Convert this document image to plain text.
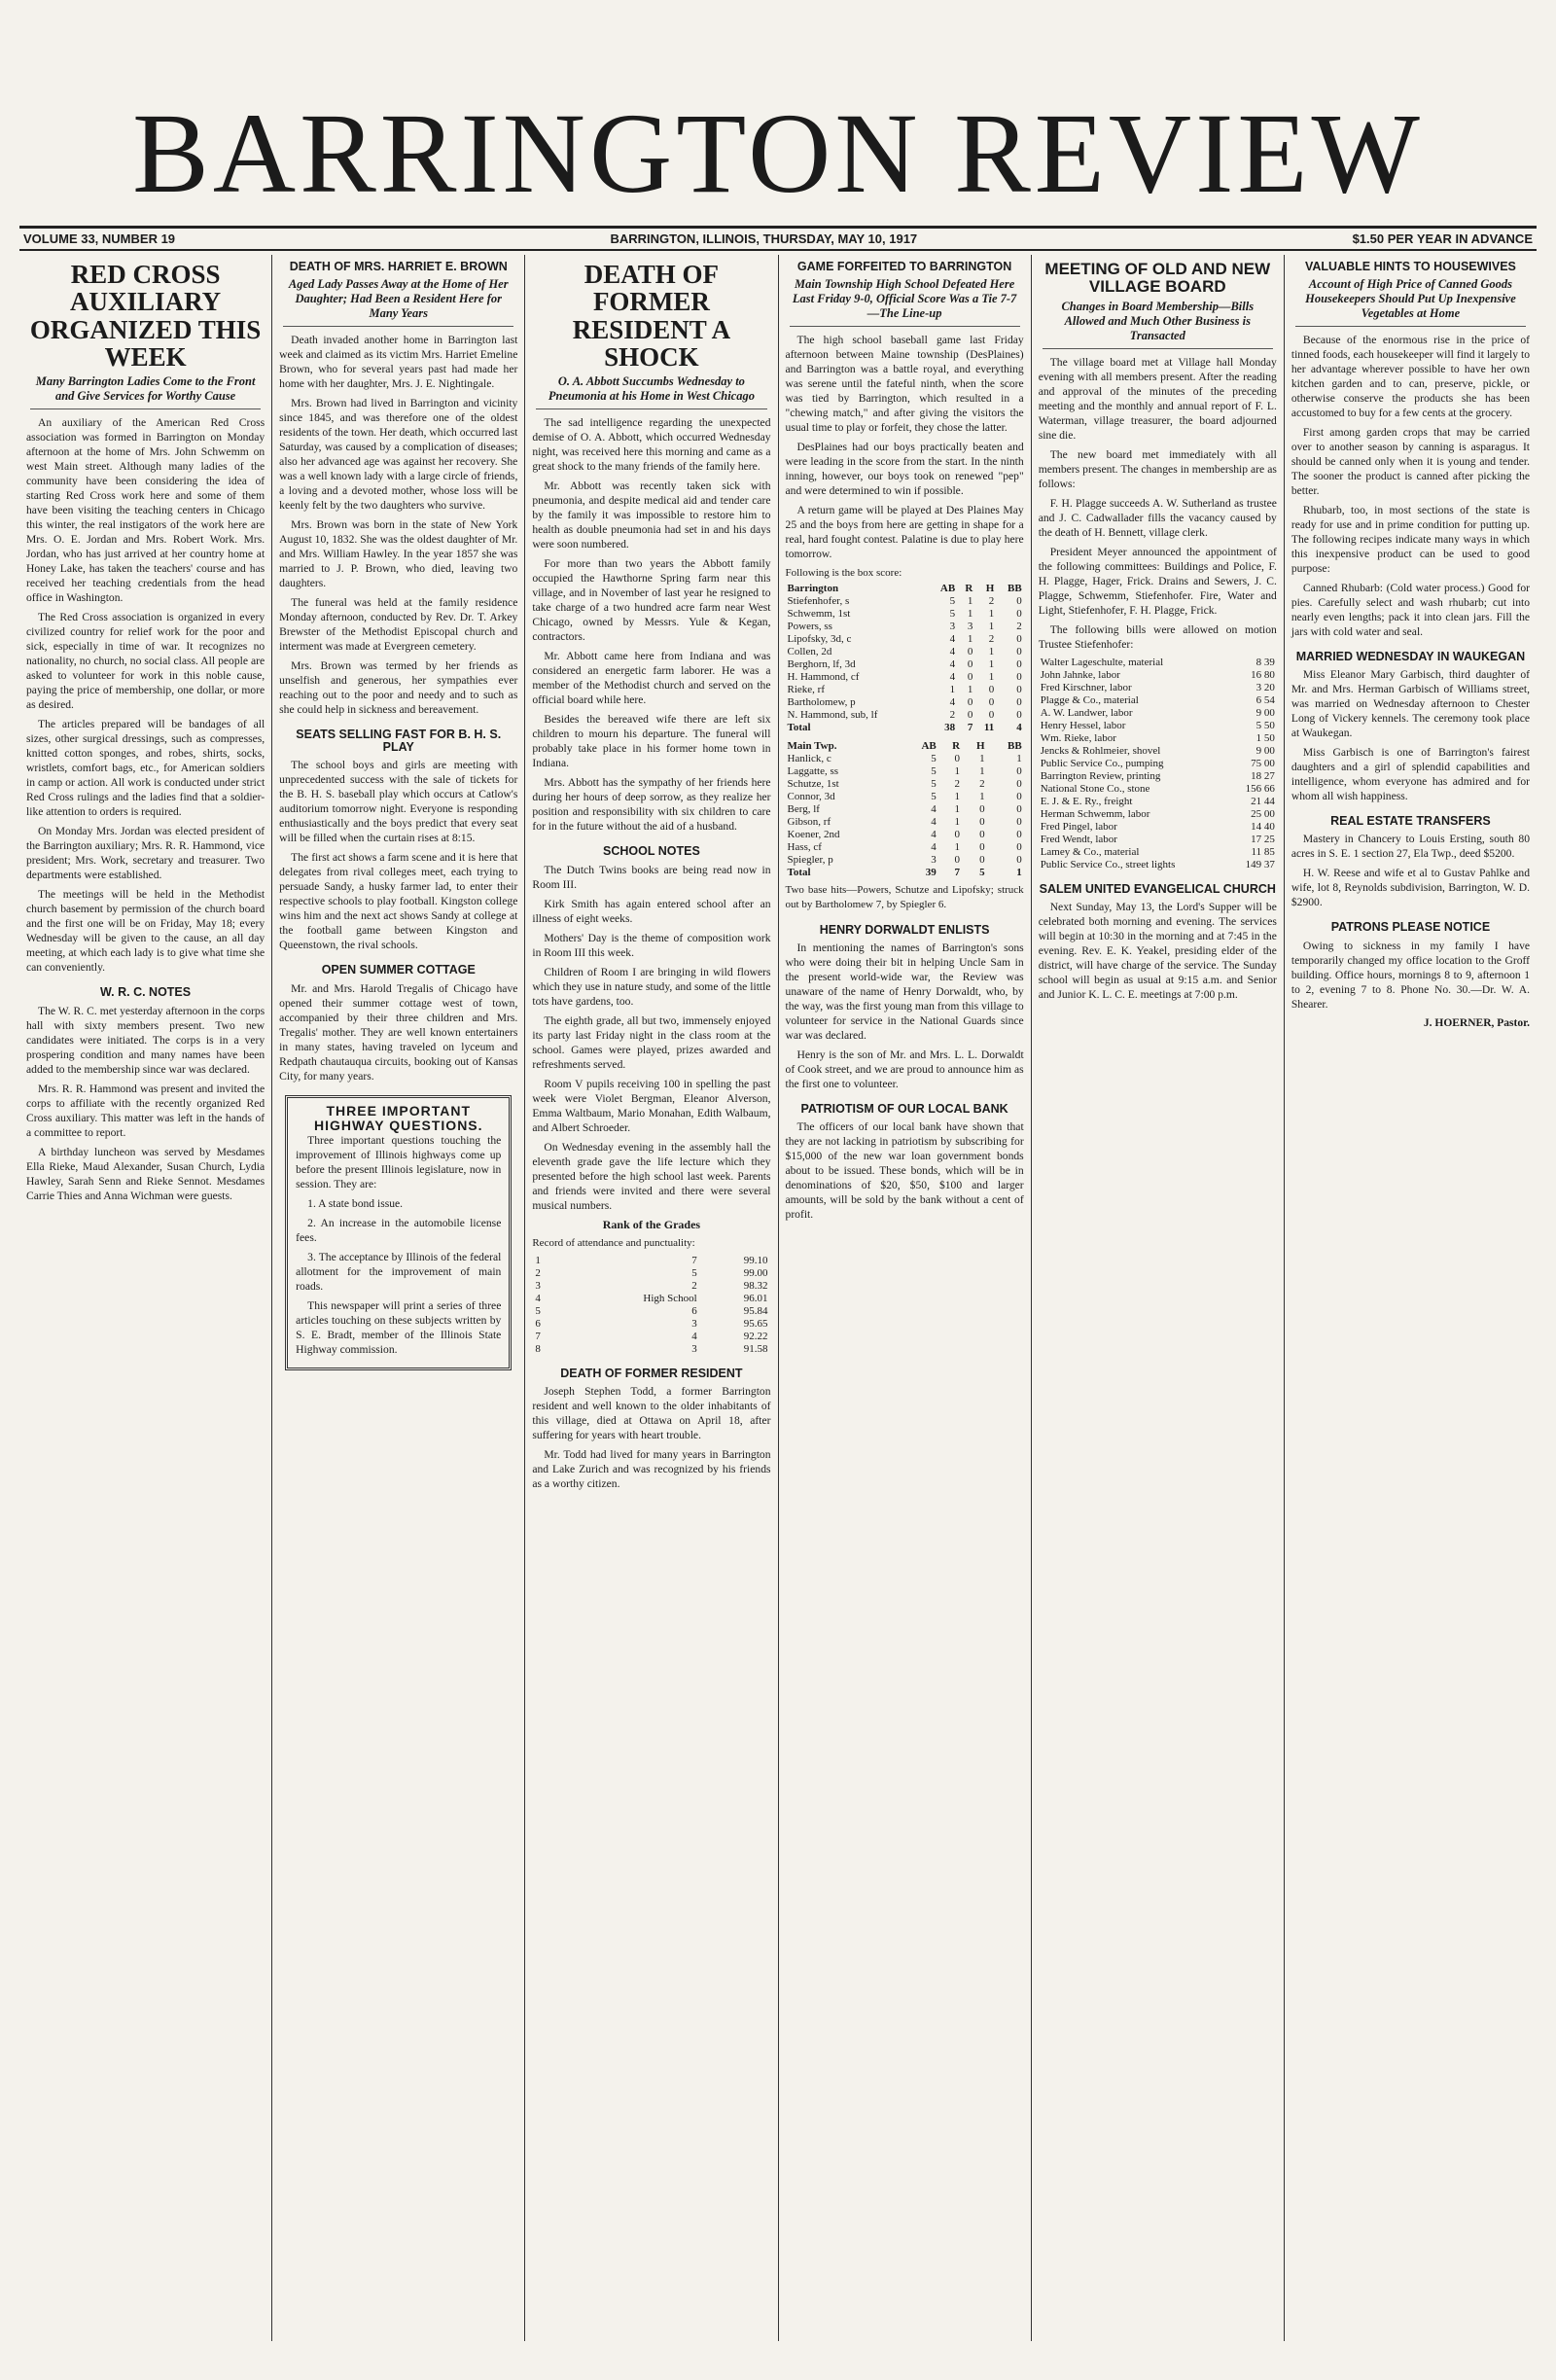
BARRINGTON REVIEW
VOLUME 33, NUMBER 19	BARRINGTON, ILLINOIS, THURSDAY, MAY 10, 1917	$1.50 PER YEAR IN ADVANCE
RED CROSS AUXILIARY ORGANIZED THIS WEEK
Many Barrington Ladies Come to the Front and Give Services for Worthy Cause

An auxiliary of the American Red Cross association was formed in Barrington on Monday afternoon at the home of Mrs. John Schwemm on west Main street. Although many ladies of the community have been considering the idea of starting Red Cross work here and some of them have been visiting the teaching centers in Chicago this winter, the real instigators of the work here are Mrs. O. E. Jordan and Mrs. Robert Work. Mrs. Jordan, who has just arrived at her country home at Honey Lake, has taken the teachers' course and has received her teaching credentials from the head office in Washington.

The Red Cross association is organized in every civilized country for relief work for the poor and sick, especially in time of war. It recognizes no nationality, no church, no social class. All people are asked to volunteer for work in this noble cause, paying the price of membership, one dollar, or more as desired.

The articles prepared will be bandages of all sizes, other surgical dressings, such as compresses, knitted cotton sponges, and robes, shirts, socks, wristlets, comfort bags, etc., for American soldiers in camp or action. All work is conducted under strict Red Cross rulings and the ladies find that a soldier-like attention to orders is required.

On Monday Mrs. Jordan was elected president of the Barrington auxiliary; Mrs. R. R. Hammond, vice president; Mrs. Work, secretary and treasurer. Two departments were established.

The meetings will be held in the Methodist church basement by permission of the church board and the first one will be on Friday, May 18; every Wednesday will be given to the cause, an all day meeting, at which each lady is to give what time she can conveniently.

W. R. C. NOTES

The W. R. C. met yesterday afternoon in the corps hall with sixty members present. Two new candidates were initiated. The corps is in a very prospering condition and many names have been added to the membership since war was declared.

Mrs. R. R. Hammond was present and invited the corps to affiliate with the recently organized Red Cross auxiliary. This matter was left in the hands of a committee to report.

A birthday luncheon was served by Mesdames Ella Rieke, Maud Alexander, Susan Church, Lydia Hawley, Sarah Senn and Rieke Sennot. Mesdames Carrie Thies and Anna Wichman were guests.

DEATH OF MRS. HARRIET E. BROWN
Aged Lady Passes Away at the Home of Her Daughter; Had Been a Resident Here for Many Years

Death invaded another home in Barrington last week and claimed as its victim Mrs. Harriet Emeline Brown, who for several years past had made her home with her daughter, Mrs. J. E. Nightingale.

Mrs. Brown had lived in Barrington and vicinity since 1845, and was therefore one of the oldest residents of the town. Her death, which occurred last Saturday, was caused by a complication of diseases; also her advanced age was against her recovery. She was a well known lady with a large circle of friends, a loving and a devoted mother, whose loss will be keenly felt by the two daughters who survive.

Mrs. Brown was born in the state of New York August 10, 1832. She was the oldest daughter of Mr. and Mrs. William Hawley. In the year 1857 she was married to J. P. Brown, who died, leaving two daughters.

The funeral was held at the family residence Monday afternoon, conducted by Rev. Dr. T. Arkey Brewster of the Methodist Episcopal church and interment was made at Evergreen cemetery.

Mrs. Brown was termed by her friends as unselfish and generous, her sympathies ever reaching out to the poor and needy and to such as she could help in sickness and bereavement.

SEATS SELLING FAST FOR B. H. S. PLAY

The school boys and girls are meeting with unprecedented success with the sale of tickets for the B. H. S. baseball play which occurs at Catlow's auditorium tomorrow night. Everyone is responding enthusiastically and the boys predict that every seat will be filled when the curtain rises at 8:15.

The first act shows a farm scene and it is here that delegates from rival colleges meet, each trying to persuade Sandy, a husky farmer lad, to enter their respective schools to play football. Kingston college wins him and the next act shows Sandy at college at the football game between Kingston and Queenstown, the rival schools.

OPEN SUMMER COTTAGE

Mr. and Mrs. Harold Tregalis of Chicago have opened their summer cottage west of town, accompanied by their three children and Mrs. Tregalis' mother. They are well known entertainers in many states, having traveled on lyceum and Redpath chautauqua circuits, booking out of Kansas City, for many years.

THREE IMPORTANT HIGHWAY QUESTIONS.

Three important questions touching the improvement of Illinois highways come up before the present Illinois legislature, now in session. They are:

1. A state bond issue.

2. An increase in the automobile license fees.

3. The acceptance by Illinois of the federal allotment for the improvement of main roads.

This newspaper will print a series of three articles touching on these subjects written by S. E. Bradt, member of the Illinois State Highway commission.

DEATH OF FORMER RESIDENT A SHOCK
O. A. Abbott Succumbs Wednesday to Pneumonia at his Home in West Chicago

The sad intelligence regarding the unexpected demise of O. A. Abbott, which occurred Wednesday night, was received here this morning and came as a great shock to the many friends of the family here.

Mr. Abbott was recently taken sick with pneumonia, and despite medical aid and tender care by the family it was impossible to restore him to health as double pneumonia had set in and his days were soon numbered.

For more than two years the Abbott family occupied the Hawthorne Spring farm near this village, and in November of last year he resigned to take charge of a two hundred acre farm near West Chicago, owned by Messrs. Yule & Kegan, contractors.

Mr. Abbott came here from Indiana and was considered an energetic farm laborer. He was a member of the Methodist church and served on the official board while here.

Besides the bereaved wife there are left six children to mourn his departure. The funeral will probably take place in his former home town in Indiana.

Mrs. Abbott has the sympathy of her friends here during her hours of deep sorrow, as they realize her position and responsibility with six children to care for in the future without the aid of a husband.

SCHOOL NOTES

The Dutch Twins books are being read now in Room III.

Kirk Smith has again entered school after an illness of eight weeks.

Mothers' Day is the theme of composition work in Room III this week.

Children of Room I are bringing in wild flowers which they use in nature study, and some of the little tots have gardens, too.

The eighth grade, all but two, immensely enjoyed its party last Friday night in the class room at the school. Games were played, prizes awarded and refreshments served.

Room V pupils receiving 100 in spelling the past week were Violet Bergman, Eleanor Alverson, Emma Waltbaum, Mario Monahan, Edith Walbaum, and Albert Schroeder.

On Wednesday evening in the assembly hall the eleventh grade gave the life lecture which they presented before the high school last week. Parents and friends were invited and there were several musical numbers.

Rank of the Grades
Record of attendance and punctuality:
1	7	99.10
2	5	99.00
3	2	98.32
4	High School	96.01
5	6	95.84
6	3	95.65
7	4	92.22
8	3	91.58
DEATH OF FORMER RESIDENT

Joseph Stephen Todd, a former Barrington resident and well known to the older inhabitants of this village, died at Ottawa on April 18, after suffering for years with heart trouble.

Mr. Todd had lived for many years in Barrington and Lake Zurich and was recognized by his friends as a worthy citizen.

GAME FORFEITED TO BARRINGTON
Main Township High School Defeated Here Last Friday 9-0, Official Score Was a Tie 7-7—The Line-up

The high school baseball game last Friday afternoon between Maine township (DesPlaines) and Barrington was a battle royal, and everything was serene until the fateful ninth, when the score was tied by Barrington, which resulted in a "chewing match," and after giving the visitors the usual time to play or forfeit, they chose the latter.

DesPlaines had our boys practically beaten and were leading in the score from the start. In the ninth inning, however, our boys took on renewed "pep" and were determined to win if possible.

A return game will be played at Des Plaines May 25 and the boys from here are getting in shape for a real, hard fought contest. Palatine is due to play here tomorrow.

Following is the box score:
Barrington	AB	R	H	BB
Stiefenhofer, s	5	1	2	0
Schwemm, 1st	5	1	1	0
Powers, ss	3	3	1	2
Lipofsky, 3d, c	4	1	2	0
Collen, 2d	4	0	1	0
Berghorn, lf, 3d	4	0	1	0
H. Hammond, cf	4	0	1	0
Rieke, rf	1	1	0	0
Bartholomew, p	4	0	0	0
N. Hammond, sub, lf	2	0	0	0
Total	38	7	11	4
Main Twp.	AB	R	H	BB
Hanlick, c	5	0	1	1
Laggatte, ss	5	1	1	0
Schutze, 1st	5	2	2	0
Connor, 3d	5	1	1	0
Berg, lf	4	1	0	0
Gibson, rf	4	1	0	0
Koener, 2nd	4	0	0	0
Hass, cf	4	1	0	0
Spiegler, p	3	0	0	0
Total	39	7	5	1
Two base hits—Powers, Schutze and Lipofsky; struck out by Bartholomew 7, by Spiegler 6.
HENRY DORWALDT ENLISTS

In mentioning the names of Barrington's sons who were doing their bit in helping Uncle Sam in the present world-wide war, the Review was unaware of the name of Henry Dorwaldt, who, by the way, was the first young man from this village to volunteer for service in the National Guards since war was declared.

Henry is the son of Mr. and Mrs. L. L. Dorwaldt of Cook street, and we are proud to announce him as the first one to volunteer.

PATRIOTISM OF OUR LOCAL BANK

The officers of our local bank have shown that they are not lacking in patriotism by subscribing for $15,000 of the new war loan government bonds about to be issued. These bonds, which will be in denominations of $20, $50, $100 and larger amounts, will be sold by the bank without a cent of profit.

MEETING OF OLD AND NEW VILLAGE BOARD
Changes in Board Membership—Bills Allowed and Much Other Business is Transacted

The village board met at Village hall Monday evening with all members present. After the reading and approval of the minutes of the preceding meeting and the monthly and annual report of F. L. Waterman, village treasurer, the board adjourned sine die.

The new board met immediately with all members present. The changes in membership are as follows:

F. H. Plagge succeeds A. W. Sutherland as trustee and J. C. Cadwallader fills the vacancy caused by the death of H. Bennett, village clerk.

President Meyer announced the appointment of the following committees: Buildings and Police, F. H. Plagge, Hager, Frick. Drains and Sewers, J. C. Plagge, Schwemm, Stiefenhofer. Fire, Water and Light, Stiefenhofer, F. H. Plagge, Frick.

The following bills were allowed on motion Trustee Stiefenhofer:

Walter Lageschulte, material	8 39
John Jahnke, labor	16 80
Fred Kirschner, labor	3 20
Plagge & Co., material	6 54
A. W. Landwer, labor	9 00
Henry Hessel, labor	5 50
Wm. Rieke, labor	1 50
Jencks & Rohlmeier, shovel	9 00
Public Service Co., pumping	75 00
Barrington Review, printing	18 27
National Stone Co., stone	156 66
E. J. & E. Ry., freight	21 44
Herman Schwemm, labor	25 00
Fred Pingel, labor	14 40
Fred Wendt, labor	17 25
Lamey & Co., material	11 85
Public Service Co., street lights	149 37
SALEM UNITED EVANGELICAL CHURCH

Next Sunday, May 13, the Lord's Supper will be celebrated both morning and evening. The services will begin at 10:30 in the morning and at 7:45 in the evening. Rev. E. K. Yeakel, presiding elder of the district, will have charge of the service. The Sunday school will begin as usual at 9:15 a.m. and Senior and Junior K. L. C. E. meetings at 7:00 p.m.

VALUABLE HINTS TO HOUSEWIVES
Account of High Price of Canned Goods Housekeepers Should Put Up Inexpensive Vegetables at Home

Because of the enormous rise in the price of tinned foods, each housekeeper will find it largely to her advantage wherever possible to have her own kitchen garden and to can, preserve, pickle, or otherwise conserve the products she has been accustomed to buy for a few cents at the grocery.

First among garden crops that may be carried over to another season by canning is asparagus. It should be canned only when it is young and tender. The sooner the product is canned after picking the better.

Rhubarb, too, in most sections of the state is ready for use and in prime condition for putting up. The following recipes indicate many ways in which this inexpensive product can be used to good purpose:

Canned Rhubarb: (Cold water process.) Good for pies. Carefully select and wash rhubarb; cut into nearly even lengths; pack it into clean jars. Fill the jars with cold water and seal.

MARRIED WEDNESDAY IN WAUKEGAN

Miss Eleanor Mary Garbisch, third daughter of Mr. and Mrs. Herman Garbisch of Williams street, was married on Wednesday afternoon to Chester Long of Vickery kennels. The ceremony took place at Waukegan.

Miss Garbisch is one of Barrington's fairest daughters and a girl of splendid capabilities and intelligence, whom everyone has admired and for whom all wish happiness.

REAL ESTATE TRANSFERS

Mastery in Chancery to Louis Ersting, south 80 acres in S. E. 1 section 27, Ela Twp., deed $5200.

H. W. Reese and wife et al to Gustav Pahlke and wife, lot 8, Reynolds subdivision, Barrington, W. D. $2900.

PATRONS PLEASE NOTICE

Owing to sickness in my family I have temporarily changed my office location to the Groff building. Office hours, mornings 8 to 9, afternoon 1 to 2, evening 7 to 8. Phone No. 30.—Dr. W. A. Shearer.

J. HOERNER, Pastor.
